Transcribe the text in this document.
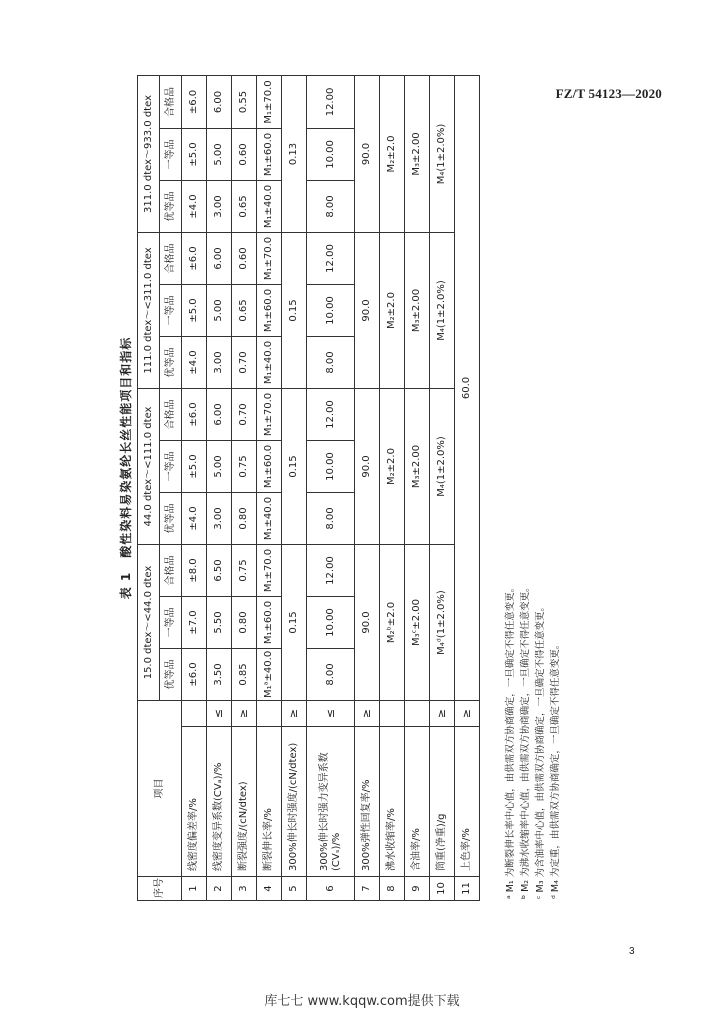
FZ/T 54123—2020
表 1酸性染料易染氨纶长丝性能项目和指标
序号	项目		15.0 dtex～<44.0 dtex			44.0 dtex～<111.0 dtex			111.0 dtex～<311.0 dtex			311.0 dtex～933.0 dtex		
			优等品	一等品	合格品	优等品	一等品	合格品	优等品	一等品	合格品	优等品	一等品	合格品
1	线密度偏差率/%		±6.0	±7.0	±8.0	±4.0	±5.0	±6.0	±4.0	±5.0	±6.0	±4.0	±5.0	±6.0
2	线密度变异系数(CVₐ)/%	≤	3.50	5.50	6.50	3.00	5.00	6.00	3.00	5.00	6.00	3.00	5.00	6.00
3	断裂强度/(cN/dtex)	≥	0.85	0.80	0.75	0.80	0.75	0.70	0.70	0.65	0.60	0.65	0.60	0.55
4	断裂伸长率/%		M₁ᵃ±40.0	M₁±60.0	M₁±70.0	M₁±40.0	M₁±60.0	M₁±70.0	M₁±40.0	M₁±60.0	M₁±70.0	M₁±40.0	M₁±60.0	M₁±70.0
5	300%伸长时强度/(cN/dtex)	≥	0.15			0.15			0.15			0.13		
6	300%伸长时强力变异系数(CVₛ)/%	≤	8.00	10.00	12.00	8.00	10.00	12.00	8.00	10.00	12.00	8.00	10.00	12.00
7	300%弹性回复率/%	≥	90.0			90.0			90.0			90.0		
8	沸水收缩率/%		M₂ᵇ±2.0			M₂±2.0			M₂±2.0			M₂±2.0		
9	含油率/%		M₃ᶜ±2.00			M₃±2.00			M₃±2.00			M₃±2.00		
10	筒重(净重)/g	≥	M₄ᵈ(1±2.0%)			M₄(1±2.0%)			M₄(1±2.0%)			M₄(1±2.0%)		
11	上色率/%	≥	60.0											
ᵃ M₁ 为断裂伸长率中心值，由供需双方协商确定，一旦确定不得任意变更。 ᵇ M₂ 为沸水收缩率中心值，由供需双方协商确定，一旦确定不得任意变更。 ᶜ M₃ 为含油率中心值，由供需双方协商确定，一旦确定不得任意变更。 ᵈ M₄ 为定重，由供需双方协商确定，一旦确定不得任意变更。
3
库七七 www.kqqw.com提供下载
